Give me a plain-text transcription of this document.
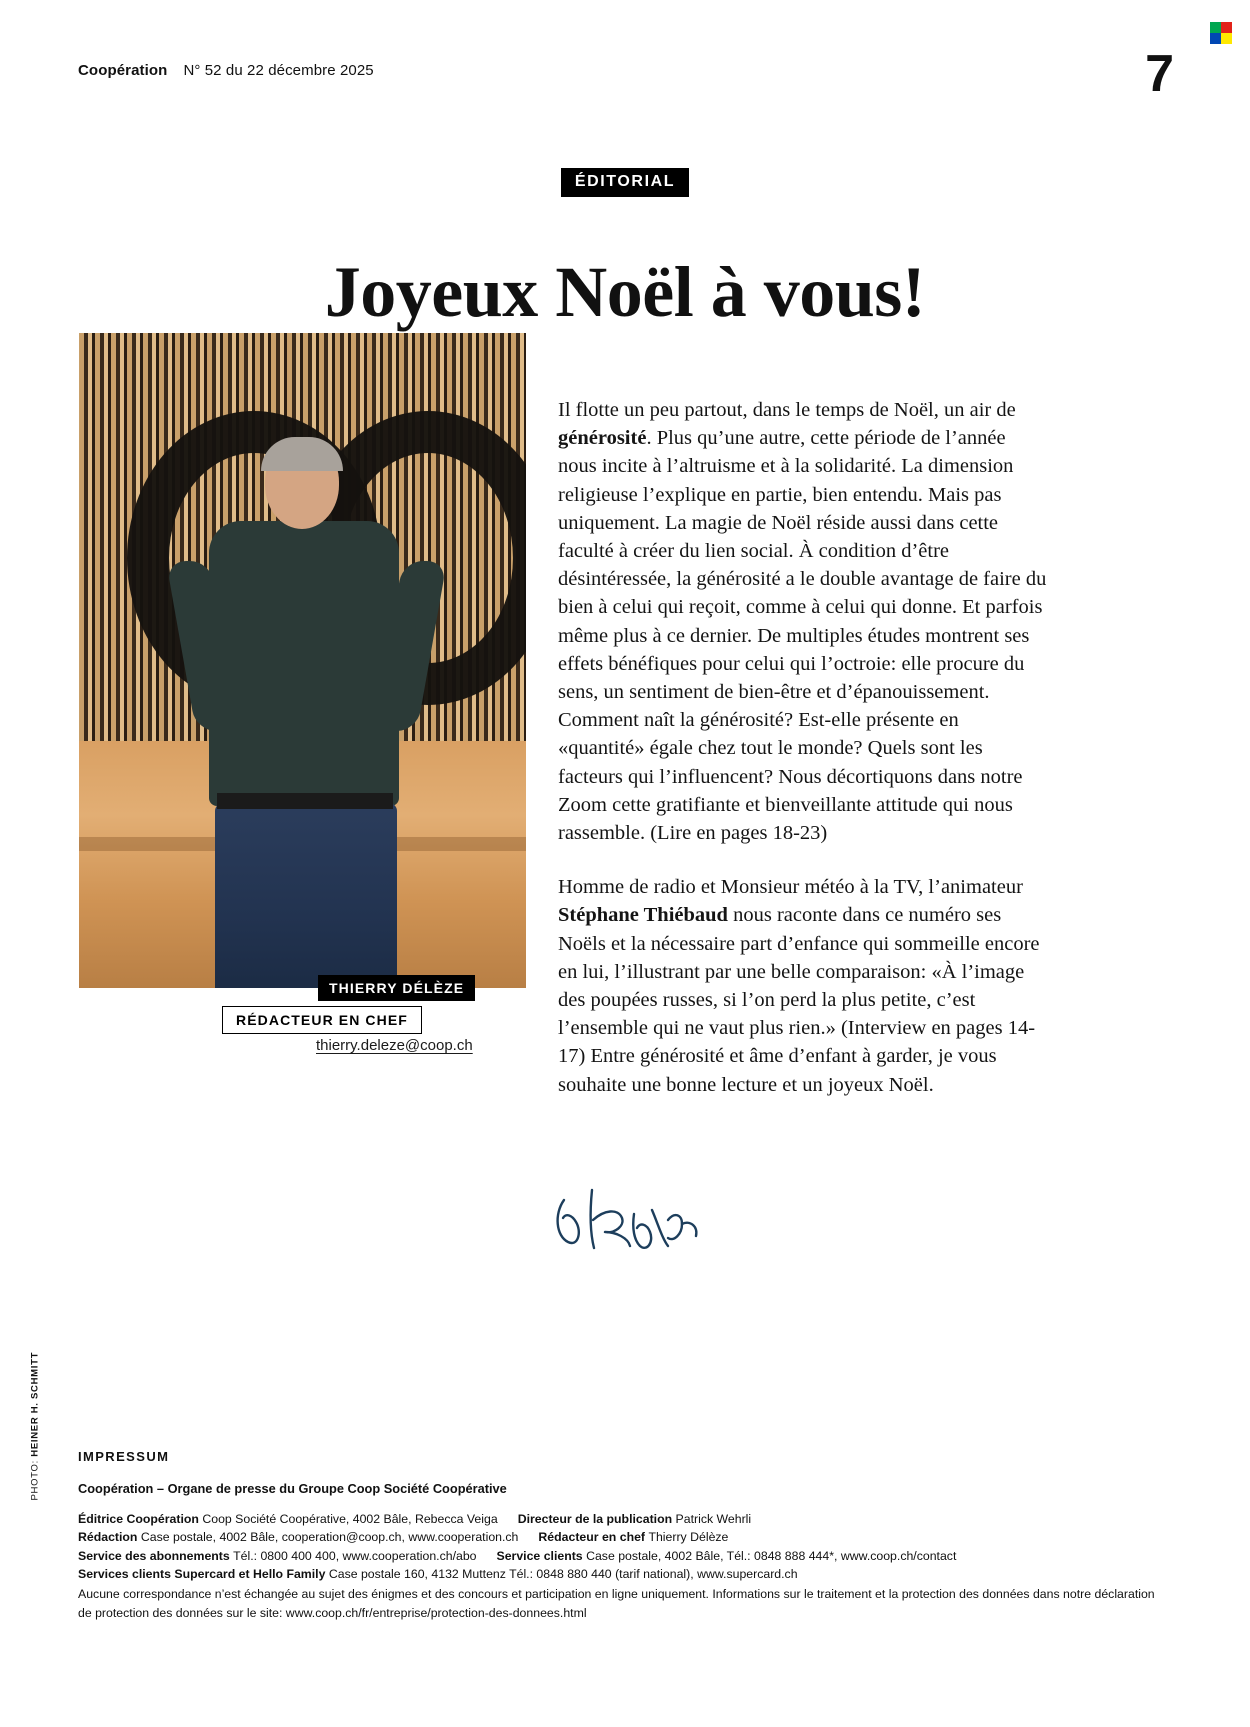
Coopération N° 52 du 22 décembre 2025	7
ÉDITORIAL
Joyeux Noël à vous!
THIERRY DÉLÈZE
RÉDACTEUR EN CHEF
thierry.deleze@coop.ch

Il flotte un peu partout, dans le temps de Noël, un air de générosité. Plus qu’une autre, cette période de l’année nous incite à l’altruisme et à la solidarité. La dimension religieuse l’explique en partie, bien entendu. Mais pas uniquement. La magie de Noël réside aussi dans cette faculté à créer du lien social. À condition d’être désintéressée, la générosité a le double avantage de faire du bien à celui qui reçoit, comme à celui qui donne. Et parfois même plus à ce dernier. De multiples études montrent ses effets bénéfiques pour celui qui l’octroie: elle procure du sens, un sentiment de bien-être et d’épanouissement. Comment naît la générosité? Est-elle présente en «quantité» égale chez tout le monde? Quels sont les facteurs qui l’influencent? Nous décortiquons dans notre Zoom cette gratifiante et bienveillante attitude qui nous rassemble. (Lire en pages 18-23)

Homme de radio et Monsieur météo à la TV, l’animateur Stéphane Thiébaud nous raconte dans ce numéro ses Noëls et la nécessaire part d’enfance qui sommeille encore en lui, l’illustrant par une belle comparaison: «À l’image des poupées russes, si l’on perd la plus petite, c’est l’ensemble qui ne vaut plus rien.» (Interview en pages 14-17) Entre générosité et âme d’enfant à garder, je vous souhaite une bonne lecture et un joyeux Noël.

PHOTO: HEINER H. SCHMITT	IMPRESSUM
Coopération – Organe de presse du Groupe Coop Société Coopérative
Éditrice Coopération Coop Société Coopérative, 4002 Bâle, Rebecca Veiga Directeur de la publication Patrick Wehrli
Rédaction Case postale, 4002 Bâle, cooperation@coop.ch, www.cooperation.ch Rédacteur en chef Thierry Délèze
Service des abonnements Tél.: 0800 400 400, www.cooperation.ch/abo Service clients Case postale, 4002 Bâle, Tél.: 0848 888 444*, www.coop.ch/contact
Services clients Supercard et Hello Family Case postale 160, 4132 Muttenz Tél.: 0848 880 440 (tarif national), www.supercard.ch
Aucune correspondance n’est échangée au sujet des énigmes et des concours et participation en ligne uniquement. Informations sur le traitement et la protection des données dans notre déclaration de protection des données sur le site: www.coop.ch/fr/entreprise/protection-des-donnees.html
